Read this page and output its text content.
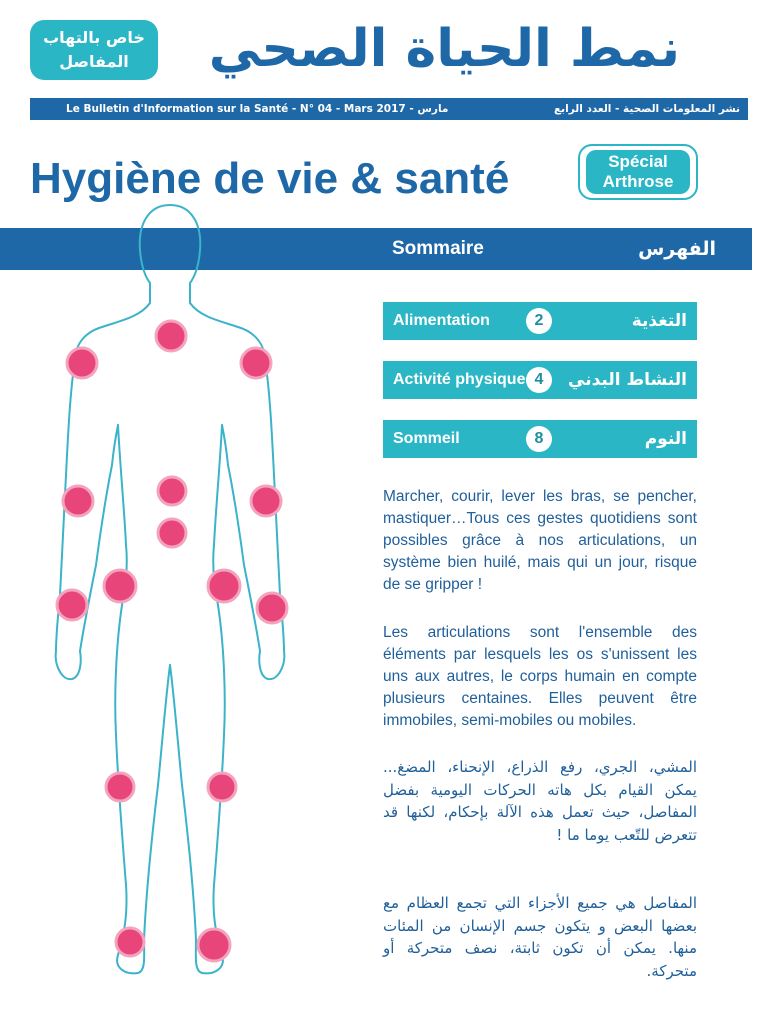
خاص بالتهاب المفاصل	نمط الحياة الصحي
Le Bulletin d'Information sur la Santé - N° 04 - Mars 2017 - مارس	نشر المعلومات الصحية - العدد الرابع
Hygiène de vie & santé	Spécial
Arthrose
Sommaire	الفهرس
Alimentation	2	التغذية
Activité physique 4	النشاط البدني
Sommeil	8	النوم
Marcher, courir, lever les bras, se pencher, mastiquer…Tous ces gestes quotidiens sont possibles grâce à nos articulations, un système bien huilé, mais qui un jour, risque de se gripper !
Les articulations sont l'ensemble des éléments par lesquels les os s'unissent les uns aux autres, le corps humain en compte plusieurs centaines. Elles peuvent être immobiles, semi-mobiles ou mobiles.
المشي، الجري، رفع الذراع، الإنحناء، المضغ... يمكن القيام بكل هاته الحركات اليومية بفضل المفاصل، حيث تعمل هذه الآلة بإحكام، لكنها قد تتعرض للتّعب يوما ما !
المفاصل هي جميع الأجزاء التي تجمع العظام مع بعضها البعض و يتكون جسم الإنسان من المئات منها. يمكن أن تكون ثابتة، نصف متحركة أو متحركة.
